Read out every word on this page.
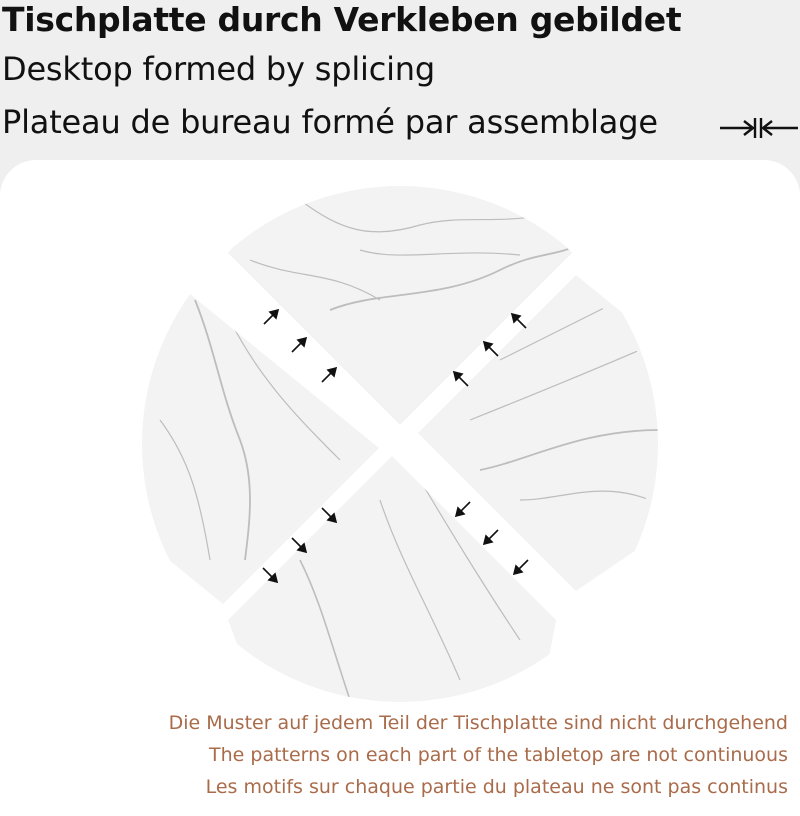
Tischplatte durch Verkleben gebildet
Desktop formed by splicing
Plateau de bureau formé par assemblage
Die Muster auf jedem Teil der Tischplatte sind nicht durchgehend
The patterns on each part of the tabletop are not continuous
Les motifs sur chaque partie du plateau ne sont pas continus
